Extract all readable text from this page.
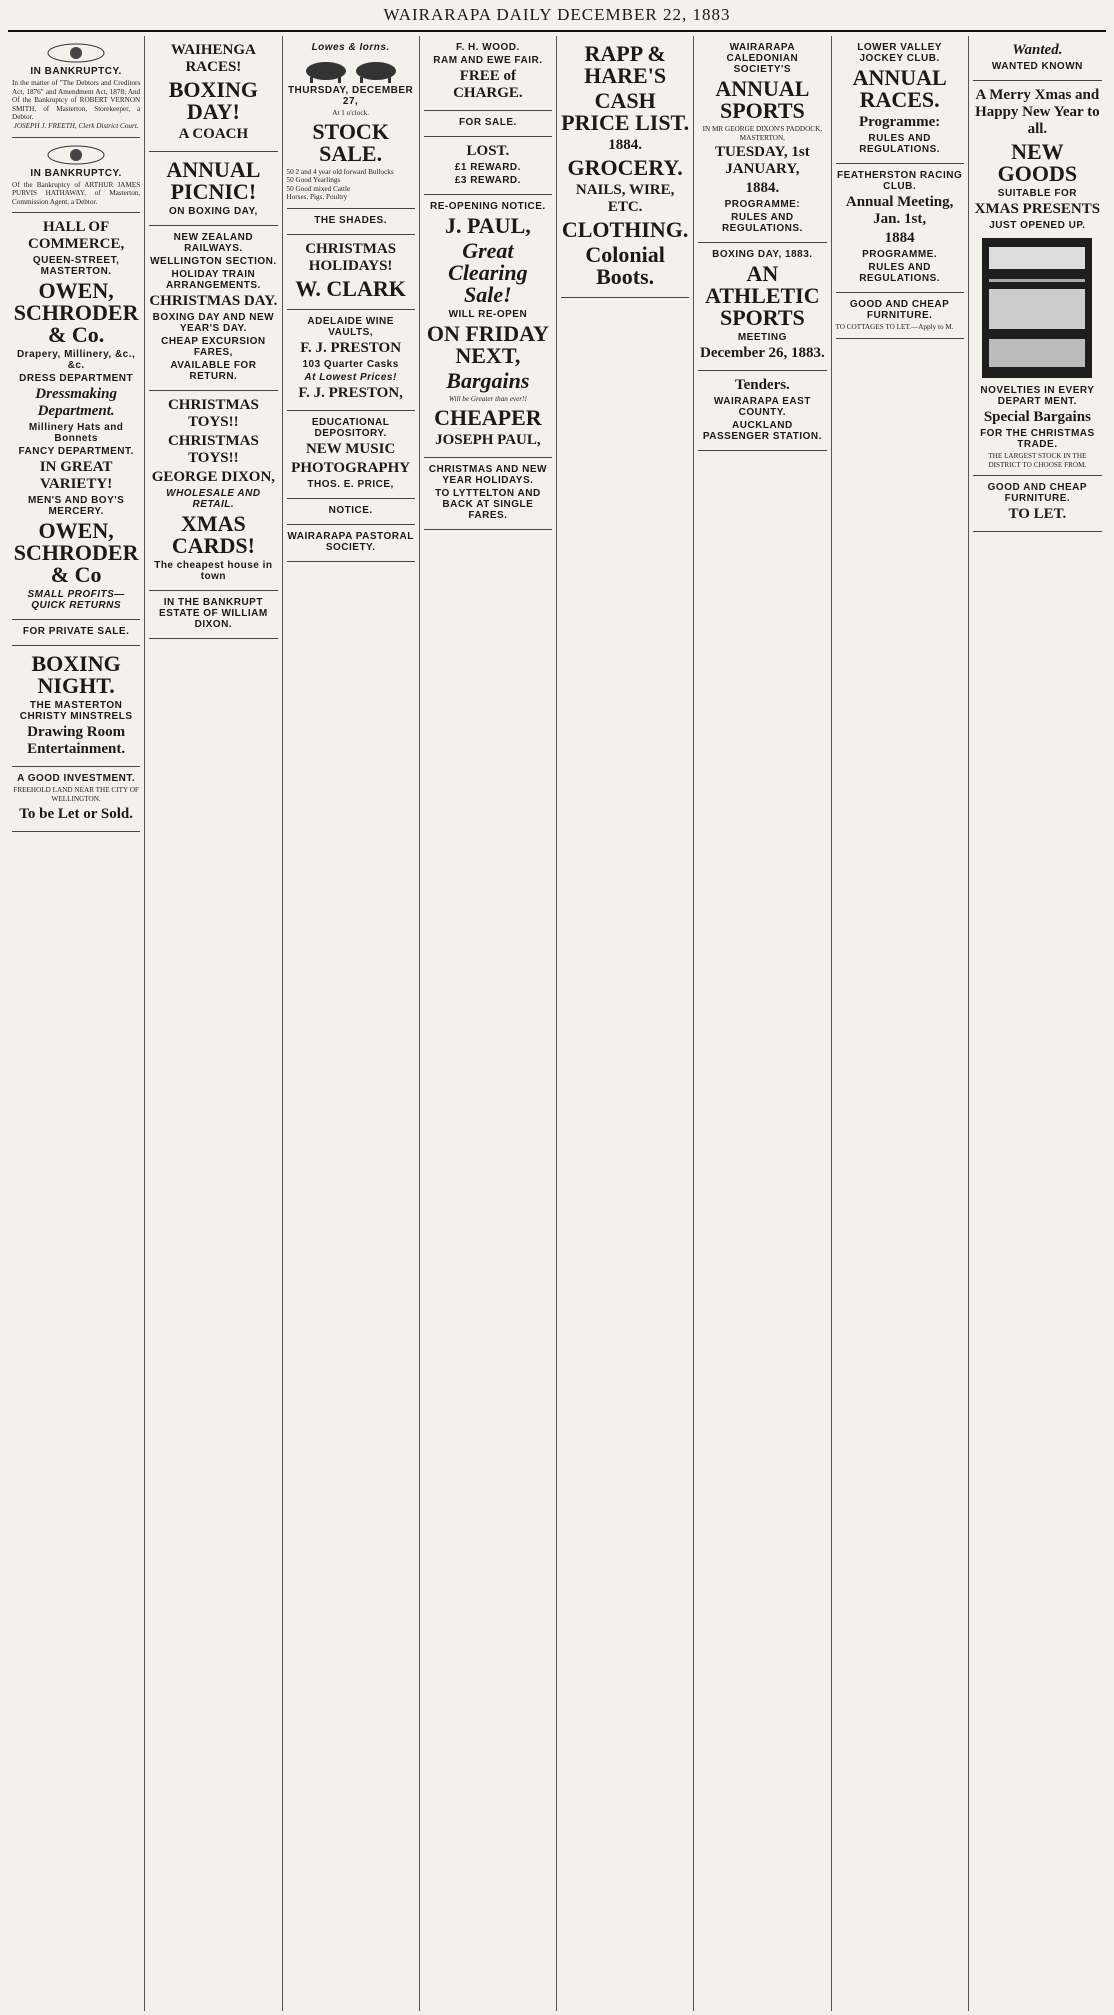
WAIRARAPA DAILY DECEMBER 22, 1883
IN BANKRUPTCY.
In the matter of "The Debtors and Creditors Act, 1876" and Amendment Act, 1878; And Of the Bankruptcy of ROBERT VERNON SMITH, of Masterton, Storekeeper, a Debtor.
JOSEPH J. FREETH, Clerk District Court.
IN BANKRUPTCY.
Of the Bankruptcy of ARTHUR JAMES PURVIS HATHAWAY, of Masterton, Commission Agent, a Debtor.
HALL OF COMMERCE,
QUEEN-STREET, MASTERTON.
OWEN, SCHRODER & Co.
Drapery, Millinery, &c., &c.
DRESS DEPARTMENT
Dressmaking Department.
Millinery Hats and Bonnets
FANCY DEPARTMENT.
IN GREAT VARIETY!
MEN'S AND BOY'S MERCERY.
OWEN, SCHRODER & Co
SMALL PROFITS—QUICK RETURNS
FOR PRIVATE SALE.
BOXING NIGHT.
THE MASTERTON CHRISTY MINSTRELS
Drawing Room Entertainment.
A GOOD INVESTMENT.
FREEHOLD LAND NEAR THE CITY OF WELLINGTON.
To be Let or Sold.
WAIHENGA RACES!
BOXING DAY!
A COACH
ANNUAL PICNIC!
ON BOXING DAY,
NEW ZEALAND RAILWAYS.
WELLINGTON SECTION.
HOLIDAY TRAIN ARRANGEMENTS.
CHRISTMAS DAY.
BOXING DAY AND NEW YEAR'S DAY.
CHEAP EXCURSION FARES,
AVAILABLE FOR RETURN.
CHRISTMAS TOYS!!
CHRISTMAS TOYS!!
GEORGE DIXON,
WHOLESALE AND RETAIL.
XMAS CARDS!
The cheapest house in town
IN THE BANKRUPT ESTATE OF WILLIAM DIXON.
Lowes & Iorns.
THURSDAY, DECEMBER 27,
At 1 o'clock.
STOCK SALE.
50 2 and 4 year old forward Bullocks
50 Good Yearlings
50 Good mixed Cattle
Horses, Pigs, Poultry
THE SHADES.
CHRISTMAS HOLIDAYS!
W. CLARK
ADELAIDE WINE VAULTS,
F. J. PRESTON
103 Quarter Casks
At Lowest Prices!
F. J. PRESTON,
EDUCATIONAL DEPOSITORY.
NEW MUSIC
PHOTOGRAPHY
THOS. E. PRICE,
NOTICE.
WAIRARAPA PASTORAL SOCIETY.
F. H. WOOD.
RAM AND EWE FAIR.
FREE of CHARGE.
FOR SALE.
LOST.
£1 REWARD.
£3 REWARD.
RE-OPENING NOTICE.
J. PAUL,
Great Clearing Sale!
WILL RE-OPEN
ON FRIDAY NEXT,
Bargains
Will be Greater than ever!!
CHEAPER
JOSEPH PAUL,
CHRISTMAS AND NEW YEAR HOLIDAYS.
TO LYTTELTON AND BACK AT SINGLE FARES.
RAPP & HARE'S
CASH PRICE LIST.
1884.
GROCERY.
NAILS, WIRE, ETC.
CLOTHING.
Colonial Boots.
WAIRARAPA CALEDONIAN SOCIETY'S
ANNUAL SPORTS
IN MR GEORGE DIXON'S PADDOCK, MASTERTON,
TUESDAY, 1st JANUARY,
1884.
PROGRAMME:
RULES AND REGULATIONS.
BOXING DAY, 1883.
AN ATHLETIC SPORTS
MEETING
December 26, 1883.
Tenders.
WAIRARAPA EAST COUNTY.
AUCKLAND PASSENGER STATION.
LOWER VALLEY JOCKEY CLUB.
ANNUAL RACES.
Programme:
RULES AND REGULATIONS.
FEATHERSTON RACING CLUB.
Annual Meeting, Jan. 1st,
1884
PROGRAMME.
RULES AND REGULATIONS.
GOOD AND CHEAP FURNITURE.
TO COTTAGES TO LET.—Apply to M.
Wanted.
WANTED KNOWN
A Merry Xmas and Happy New Year to all.
NEW GOODS
SUITABLE FOR
XMAS PRESENTS
JUST OPENED UP.
NOVELTIES IN EVERY DEPART MENT.
Special Bargains
FOR THE CHRISTMAS TRADE.
THE LARGEST STOCK IN THE DISTRICT TO CHOOSE FROM.
GOOD AND CHEAP FURNITURE.
TO LET.
